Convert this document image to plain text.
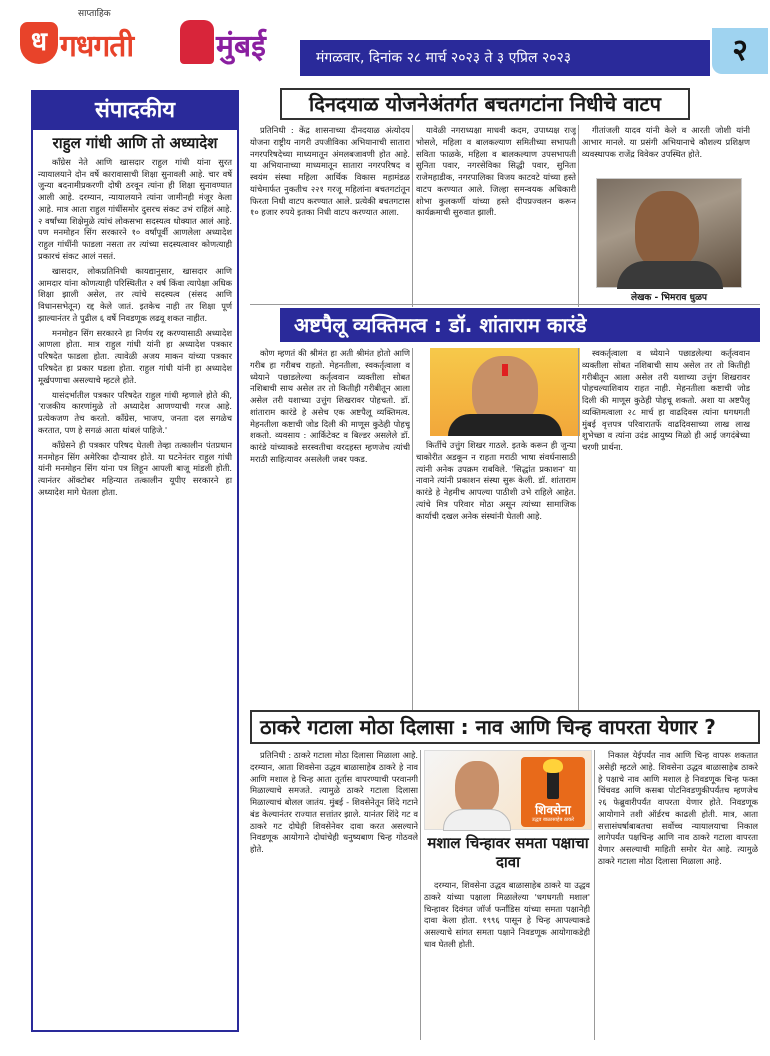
साप्ताहिक
ध गधगती	मुंबई	मंगळवार, दिनांक २८ मार्च २०२३ ते ३ एप्रिल २०२३	२
संपादकीय
राहुल गांधी आणि तो अध्यादेश

काँग्रेस नेते आणि खासदार राहुल गांधी यांना सुरत न्यायालयाने दोन वर्षे कारावासाची शिक्षा सुनावली आहे. चार वर्षे जुन्या बदनामीप्रकरणी दोषी ठरवून त्यांना ही शिक्षा सुनावण्यात आली आहे. दरम्यान, न्यायालयाने त्यांना जामीनही मंजूर केला आहे. मात्र आता राहुल गांधींसमोर दुसरच संकट उभं राहिलं आहे. २ वर्षांच्या शिक्षेमुळे त्यांचं लोकसभा सदस्यत्व धोक्यात आलं आहे. पण मनमोहन सिंग सरकारने १० वर्षांपूर्वी आणलेला अध्यादेश राहुल गांधींनी फाडला नसता तर त्यांच्या सदस्यत्वावर कोणत्याही प्रकारचं संकट आलं नसतं.

खासदार, लोकप्रतिनिधी कायद्यानुसार, खासदार आणि आमदार यांना कोणत्याही परिस्थितीत २ वर्ष किंवा त्यापेक्षा अधिक शिक्षा झाली असेल, तर त्यांचे सदस्यत्व (संसद आणि विधानसभेतून) रद्द केले जातं. इतकेच नाही तर शिक्षा पूर्ण झाल्यानंतर ते पुढील ६ वर्षे निवडणूक लढवू शकत नाहीत.

मनमोहन सिंग सरकारने हा निर्णय रद्द करण्यासाठी अध्यादेश आणला होता. मात्र राहुल गांधी यांनी हा अध्यादेश पत्रकार परिषदेत फाडला होता. त्यावेळी अजय माकन यांच्या पत्रकार परिषदेत हा प्रकार घडला होता. राहुल गांधी यांनी हा अध्यादेश मूर्खपणाचा असल्याचे म्हटले होते.

यासंदर्भातील पत्रकार परिषदेत राहुल गांधी म्हणाले होते की, 'राजकीय कारणांमुळे तो अध्यादेश आणण्याची गरज आहे. प्रत्येकजण तेच करतो. काँग्रेस, भाजप, जनता दल सगळेच करतात, पण हे सगळं आता थांबलं पाहिजे.'

काँग्रेसने ही पत्रकार परिषद घेतली तेव्हा तत्कालीन पंतप्रधान मनमोहन सिंग अमेरिका दौऱ्यावर होते. या घटनेनंतर राहुल गांधी यांनी मनमोहन सिंग यांना पत्र लिहून आपली बाजू मांडली होती. त्यानंतर ऑक्टोबर महिन्यात तत्कालीन यूपीए सरकारने हा अध्यादेश मागे घेतला होता.

दिनदयाळ योजनेअंतर्गत बचतगटांना निधीचे वाटप

प्रतिनिधी : केंद्र शासनाच्या दीनदयाळ अंत्योदय योजना राष्ट्रीय नागरी उपजीविका अभियानाची सातारा नगरपरिषदेच्या माध्यमातून अंमलबजावणी होत आहे. या अभियानाच्या माध्यमातून सातारा नगरपरिषद व स्वयंम संस्था महिला आर्थिक विकास महामंडळ यांचेमार्फत नुकतीच २२१ गरजू महिलांना बचतगटांतून फिरता निधी वाटप करण्यात आले. प्रत्येकी बचतगटास १० हजार रुपये इतका निधी वाटप करण्यात आला.

यावेळी नगराध्यक्षा माधवी कदम, उपाध्यक्ष राजू भोसले, महिला व बालकल्याण समितीच्या सभापती सविता फाळके, महिला व बालकल्याण उपसभापती सुनिता पवार, नगरसेविका सिद्धी पवार, सुनिता राजेमहाडीक, नगरपालिका विजय काटवटे यांच्या हस्ते वाटप करण्यात आले. जिल्हा समन्वयक अधिकारी शोभा कुलकर्णी यांच्या हस्ते दीपप्रज्वलन करून कार्यक्रमाची सुरुवात झाली.

गीतांजली यादव यांनी केले व आरती जोशी यांनी आभार मानले. या प्रसंगी अभियानाचे कौशल्य प्रशिक्षण व्यवस्थापक राजेंद्र विवेकर उपस्थित होते.

लेखक - भिमराव धुळप
अष्टपैलू व्यक्तिमत्व : डॉ. शांताराम कारंडे

कोण म्हणतं की श्रीमंत हा अती श्रीमंत होतो आणि गरीब हा गरीबच राहतो. मेहनतीला, स्वकर्तृत्वाला व ध्येयाने पछाडलेल्या कर्तृत्ववान व्यक्तीला सोबत नशिबाची साथ असेल तर तो कितीही गरीबीतून आला असेल तरी यशाच्या उत्तुंग शिखरावर पोहचतो. डॉ. शांताराम कारंडे हे असेच एक अष्टपैलू व्यक्तिमत्व. मेहनतीला कष्टाची जोड दिली की माणूस कुठेही पोहचू शकतो. व्यवसाय : आर्किटेक्ट व बिल्डर असलेले डॉ. कारंडे यांच्याकडे सरस्वतीचा वरदहस्त म्हणजेच त्यांची मराठी साहित्यावर असलेली जबर पकड.

किर्तीचे उत्तुंग शिखर गाठले. इतके करून ही जुन्या चाकोरीत अडकून न राहता मराठी भाषा संवर्धनासाठी त्यांनी अनेक उपक्रम राबविले. 'सिद्धांत प्रकाशन' या नावाने त्यांनी प्रकाशन संस्था सुरू केली. डॉ. शांताराम कारंडे हे नेहमीच आपल्या पाठीशी उभे राहिले आहेत. त्यांचे मित्र परिवार मोठा असून त्यांच्या सामाजिक कार्याची दखल अनेक संस्थांनी घेतली आहे.

स्वकर्तृत्वाला व ध्येयाने पछाडलेल्या कर्तृत्ववान व्यक्तीला सोबत नशिबाची साथ असेल तर तो कितीही गरीबीतून आला असेल तरी यशाच्या उत्तुंग शिखरावर पोहचल्याशिवाय राहत नाही. मेहनतीला कष्टाची जोड दिली की माणूस कुठेही पोहचू शकतो. अशा या अष्टपैलू व्यक्तिमत्वाला २८ मार्च हा वाढदिवस त्यांना धगधगती मुंबई वृत्तपत्र परिवारातर्फे वाढदिवसाच्या लाख लाख शुभेच्छा व त्यांना उदंड आयुष्य मिळो ही आई जगदंबेच्या चरणी प्रार्थना.

ठाकरे गटाला मोठा दिलासा : नाव आणि चिन्ह वापरता येणार ?

प्रतिनिधी : ठाकरे गटाला मोठा दिलासा मिळाला आहे. दरम्यान, आता शिवसेना उद्धव बाळासाहेब ठाकरे हे नाव आणि मशाल हे चिन्ह आता तूर्तास वापरण्याची परवानगी मिळाल्याचे समजते. त्यामुळे ठाकरे गटाला दिलासा मिळाल्याचं बोलल जातंय. मुंबई - शिवसेनेतून शिंदे गटाने बंड केल्यानंतर राज्यात सत्तांतर झाले. यानंतर शिंदे गट व ठाकरे गट दोघेही शिवसेनेवर दावा करत असल्याने निवडणूक आयोगाने दोघांचेही धनुष्यबाण चिन्ह गोठवले होते.

शिवसेना
उद्धव बाळासाहेब ठाकरे
मशाल चिन्हावर समता पक्षाचा दावा

दरम्यान, शिवसेना उद्धव बाळासाहेब ठाकरे या उद्धव ठाकरे यांच्या पक्षाला मिळालेल्या 'धगधगती मशाल' चिन्हावर दिवंगत जॉर्ज फर्नांडिस यांच्या समता पक्षानेही दावा केला होता. १९९६ पासून हे चिन्ह आपल्याकडे असल्याचे सांगत समता पक्षाने निवडणूक आयोगाकडेही धाव घेतली होती.

निकाल येईपर्यंत नाव आणि चिन्ह वापरू शकतात असेही म्हटले आहे. शिवसेना उद्धव बाळासाहेब ठाकरे हे पक्षाचे नाव आणि मशाल हे निवडणूक चिन्ह फक्त चिंचवड आणि कसबा पोटनिवडणुकीपर्यंतच म्हणजेच २६ फेब्रुवारीपर्यंत वापरता येणार होते. निवडणूक आयोगाने तशी ऑर्डरच काढली होती. मात्र, आता सत्तासंघर्षाबाबतचा सर्वोच्च न्यायालयाचा निकाल लागेपर्यंत पक्षचिन्ह आणि नाव ठाकरे गटाला वापरता येणार असल्याची माहिती समोर येत आहे. त्यामुळे ठाकरे गटाला मोठा दिलासा मिळाला आहे.
